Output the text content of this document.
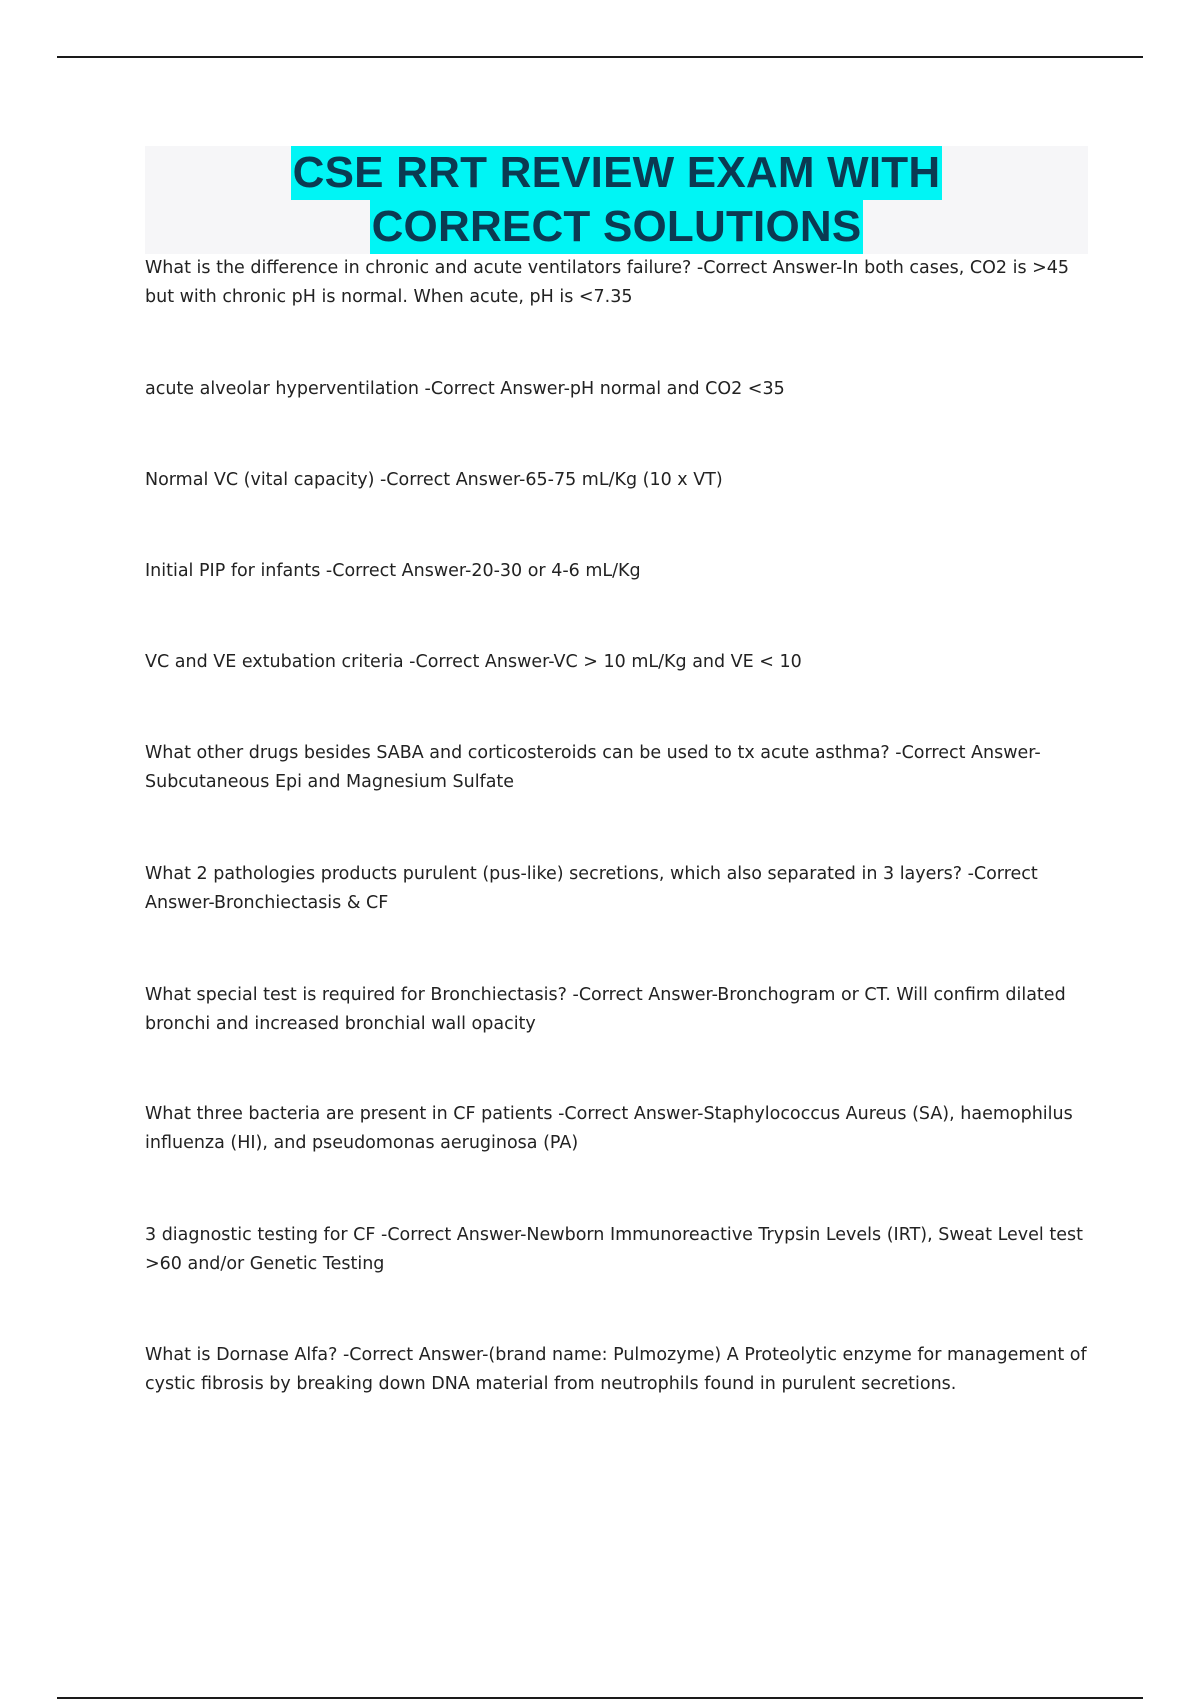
CSE RRT REVIEW EXAM WITH
CORRECT SOLUTIONS

What is the difference in chronic and acute ventilators failure? -Correct Answer-In both cases, CO2 is >45 but with chronic pH is normal. When acute, pH is <7.35

acute alveolar hyperventilation -Correct Answer-pH normal and CO2 <35

Normal VC (vital capacity) -Correct Answer-65-75 mL/Kg (10 x VT)

Initial PIP for infants -Correct Answer-20-30 or 4-6 mL/Kg

VC and VE extubation criteria -Correct Answer-VC > 10 mL/Kg and VE < 10

What other drugs besides SABA and corticosteroids can be used to tx acute asthma? -Correct Answer-Subcutaneous Epi and Magnesium Sulfate

What 2 pathologies products purulent (pus-like) secretions, which also separated in 3 layers? -Correct Answer-Bronchiectasis & CF

What special test is required for Bronchiectasis? -Correct Answer-Bronchogram or CT. Will confirm dilated bronchi and increased bronchial wall opacity

What three bacteria are present in CF patients -Correct Answer-Staphylococcus Aureus (SA), haemophilus influenza (HI), and pseudomonas aeruginosa (PA)

3 diagnostic testing for CF -Correct Answer-Newborn Immunoreactive Trypsin Levels (IRT), Sweat Level test >60 and/or Genetic Testing

What is Dornase Alfa? -Correct Answer-(brand name: Pulmozyme) A Proteolytic enzyme for management of cystic fibrosis by breaking down DNA material from neutrophils found in purulent secretions.
